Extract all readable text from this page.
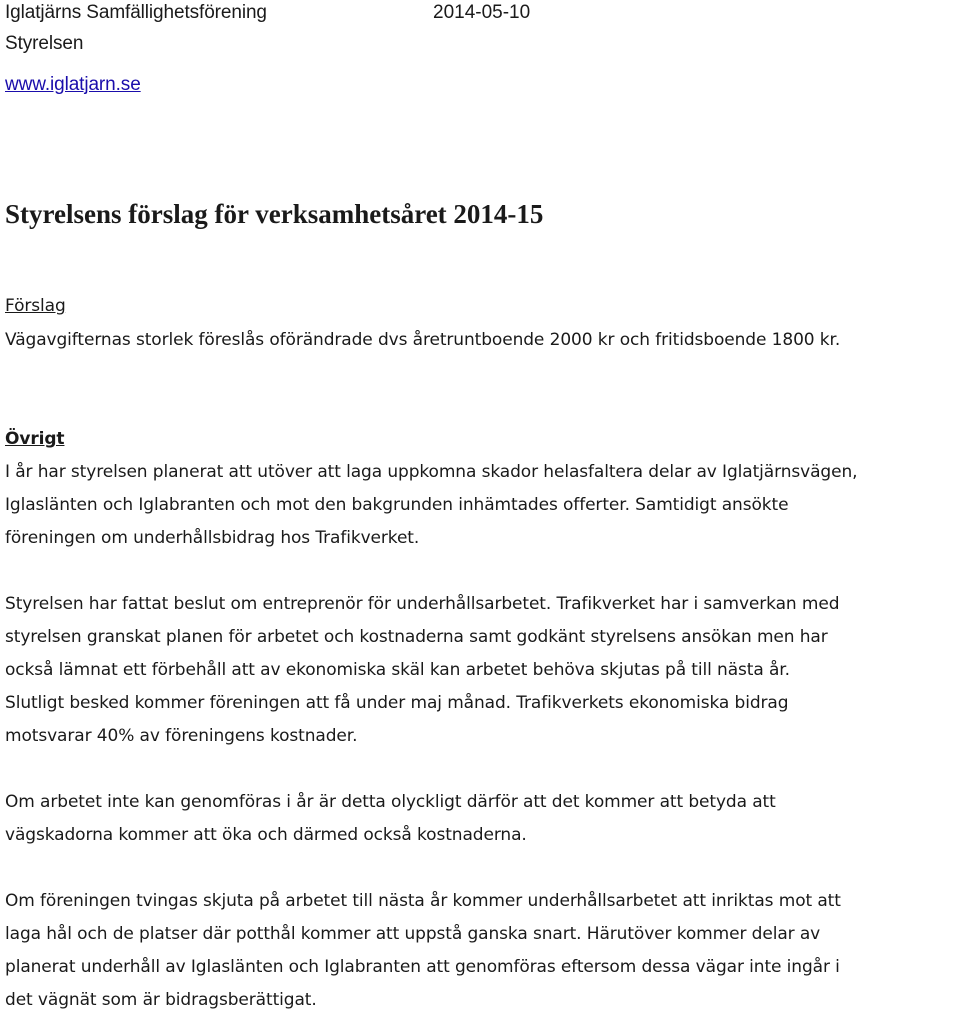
Iglatjärns Samfällighetsförening	2014-05-10
Styrelsen
www.iglatjarn.se
Styrelsens förslag för verksamhetsåret 2014-15
Förslag
Vägavgifternas storlek föreslås oförändrade dvs åretruntboende 2000 kr och fritidsboende 1800 kr.
Övrigt
I år har styrelsen planerat att utöver att laga uppkomna skador helasfaltera delar av Iglatjärnsvägen,
Iglaslänten och Iglabranten och mot den bakgrunden inhämtades offerter. Samtidigt ansökte
föreningen om underhållsbidrag hos Trafikverket.
Styrelsen har fattat beslut om entreprenör för underhållsarbetet. Trafikverket har i samverkan med
styrelsen granskat planen för arbetet och kostnaderna samt godkänt styrelsens ansökan men har
också lämnat ett förbehåll att av ekonomiska skäl kan arbetet behöva skjutas på till nästa år.
Slutligt besked kommer föreningen att få under maj månad. Trafikverkets ekonomiska bidrag
motsvarar 40% av föreningens kostnader.
Om arbetet inte kan genomföras i år är detta olyckligt därför att det kommer att betyda att
vägskadorna kommer att öka och därmed också kostnaderna.
Om föreningen tvingas skjuta på arbetet till nästa år kommer underhållsarbetet att inriktas mot att
laga hål och de platser där potthål kommer att uppstå ganska snart. Härutöver kommer delar av
planerat underhåll av Iglaslänten och Iglabranten att genomföras eftersom dessa vägar inte ingår i
det vägnät som är bidragsberättigat.
